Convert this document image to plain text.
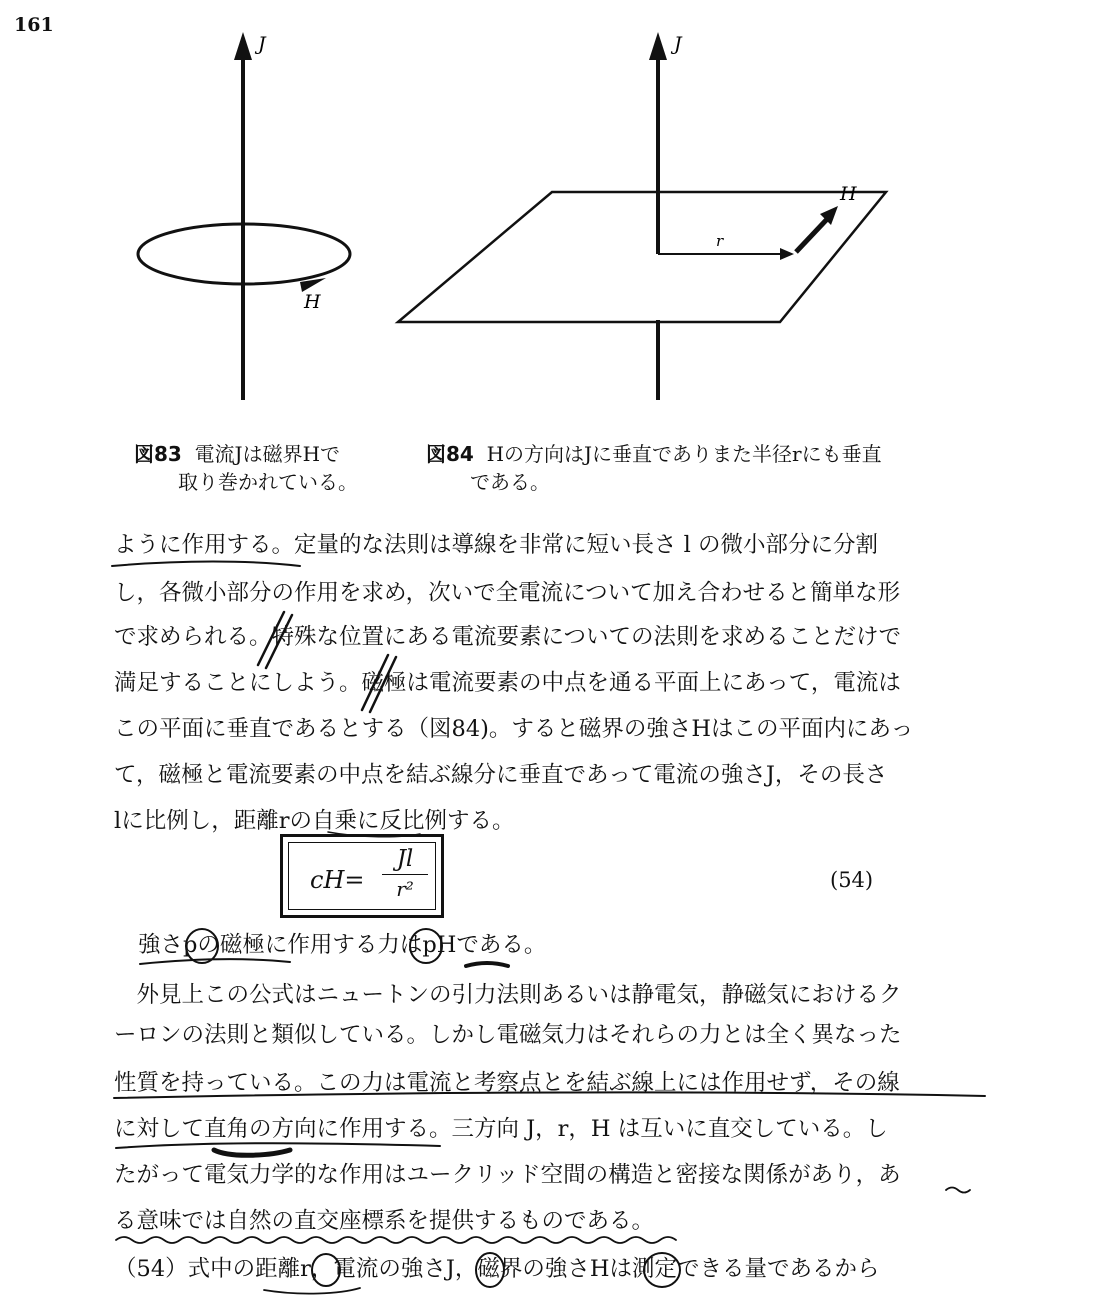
161
J
H
J
r
H
図83 電流Jは磁界Hで
取り巻かれている。
図84 Hの方向はJに垂直でありまた半径rにも垂直
である。
ように作用する。定量的な法則は導線を非常に短い長さ l の微小部分に分割
し，各微小部分の作用を求め，次いで全電流について加え合わせると簡単な形
で求められる。特殊な位置にある電流要素についての法則を求めることだけで
満足することにしよう。磁極は電流要素の中点を通る平面上にあって，電流は
この平面に垂直であるとする（図84)。すると磁界の強さHはこの平面内にあっ
て，磁極と電流要素の中点を結ぶ線分に垂直であって電流の強さJ，その長さ
lに比例し，距離rの自乗に反比例する。
cH=
Jl
r²	(54)
強さpの磁極に作用する力はpHである。
　外見上この公式はニュートンの引力法則あるいは静電気，静磁気におけるク
ーロンの法則と類似している。しかし電磁気力はそれらの力とは全く異なった
性質を持っている。この力は電流と考察点とを結ぶ線上には作用せず，その線
に対して直角の方向に作用する。三方向 J，r，H は互いに直交している。し
たがって電気力学的な作用はユークリッド空間の構造と密接な関係があり，あ
る意味では自然の直交座標系を提供するものである。
（54）式中の距離r，電流の強さJ，磁界の強さHは測定できる量であるから
